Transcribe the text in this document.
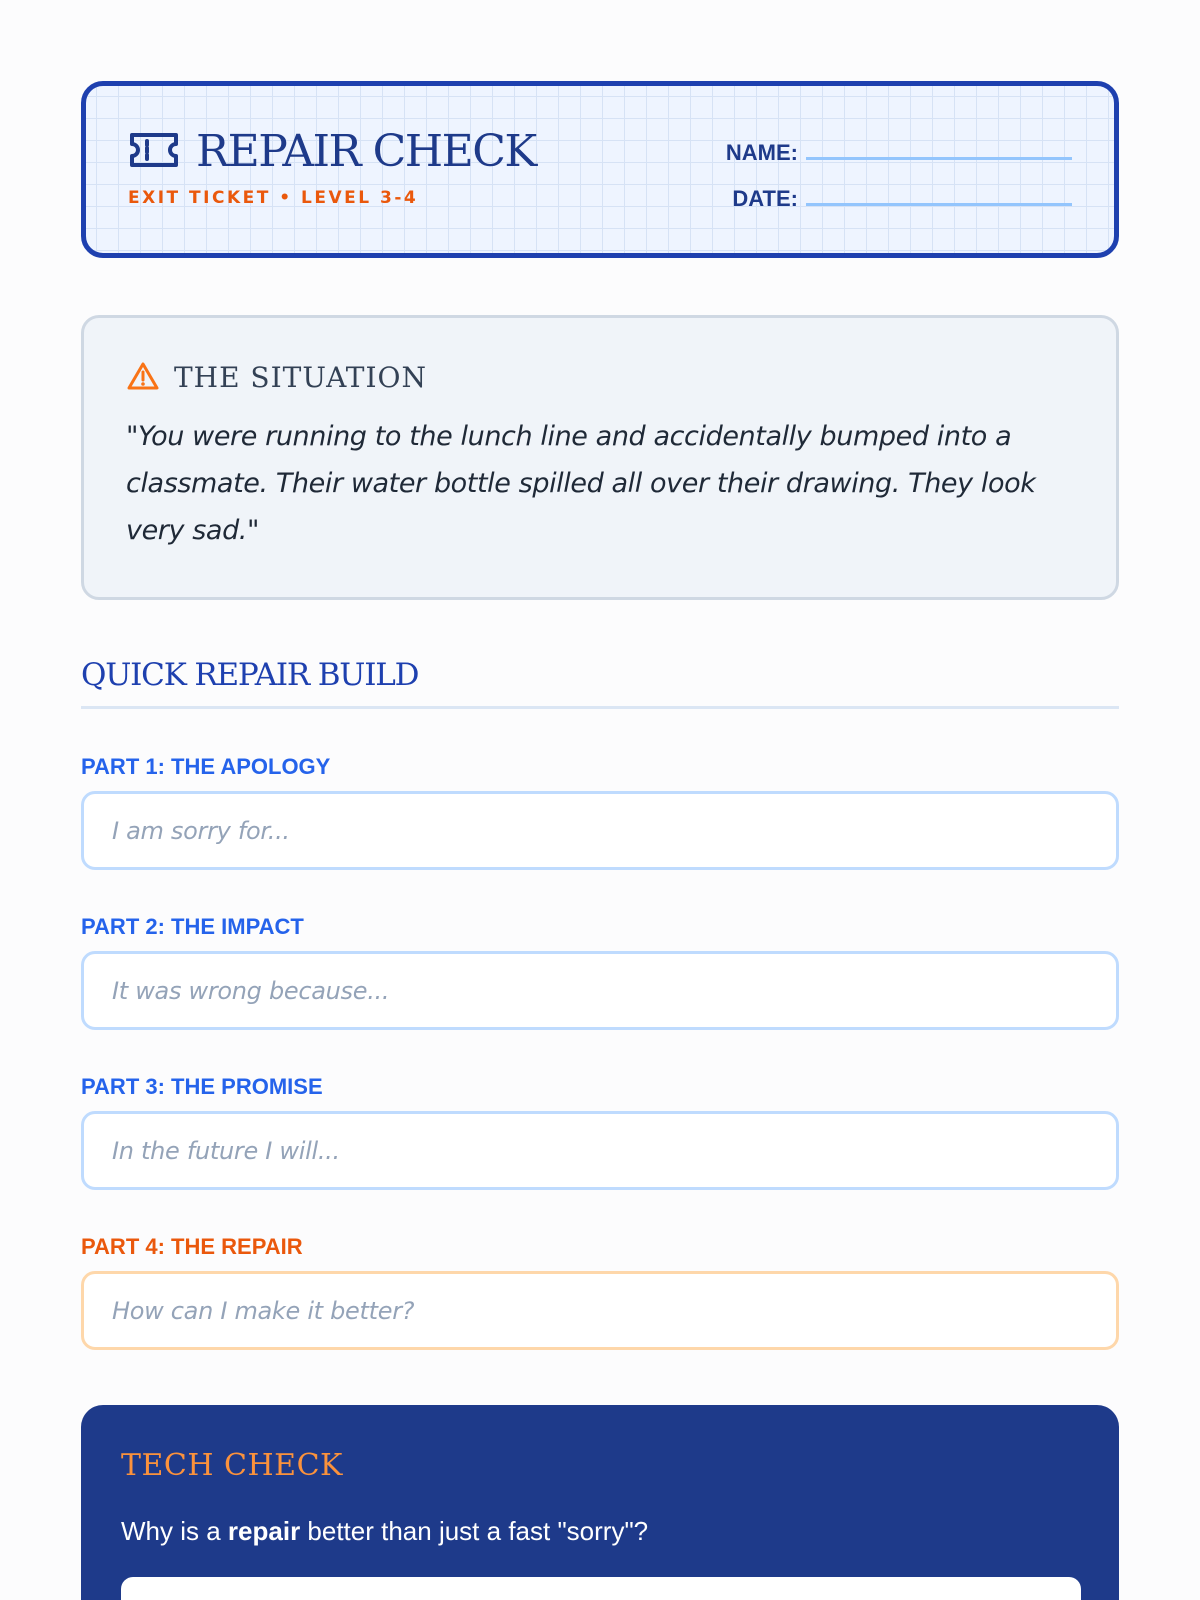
REPAIR CHECK
EXIT TICKET • LEVEL 3-4
NAME:
DATE:
THE SITUATION
"You were running to the lunch line and accidentally bumped into a
classmate. Their water bottle spilled all over their drawing. They look
very sad."
QUICK REPAIR BUILD
PART 1: THE APOLOGY
I am sorry for...
PART 2: THE IMPACT
It was wrong because...
PART 3: THE PROMISE
In the future I will...
PART 4: THE REPAIR
How can I make it better?
TECH CHECK
Why is a repair better than just a fast "sorry"?
